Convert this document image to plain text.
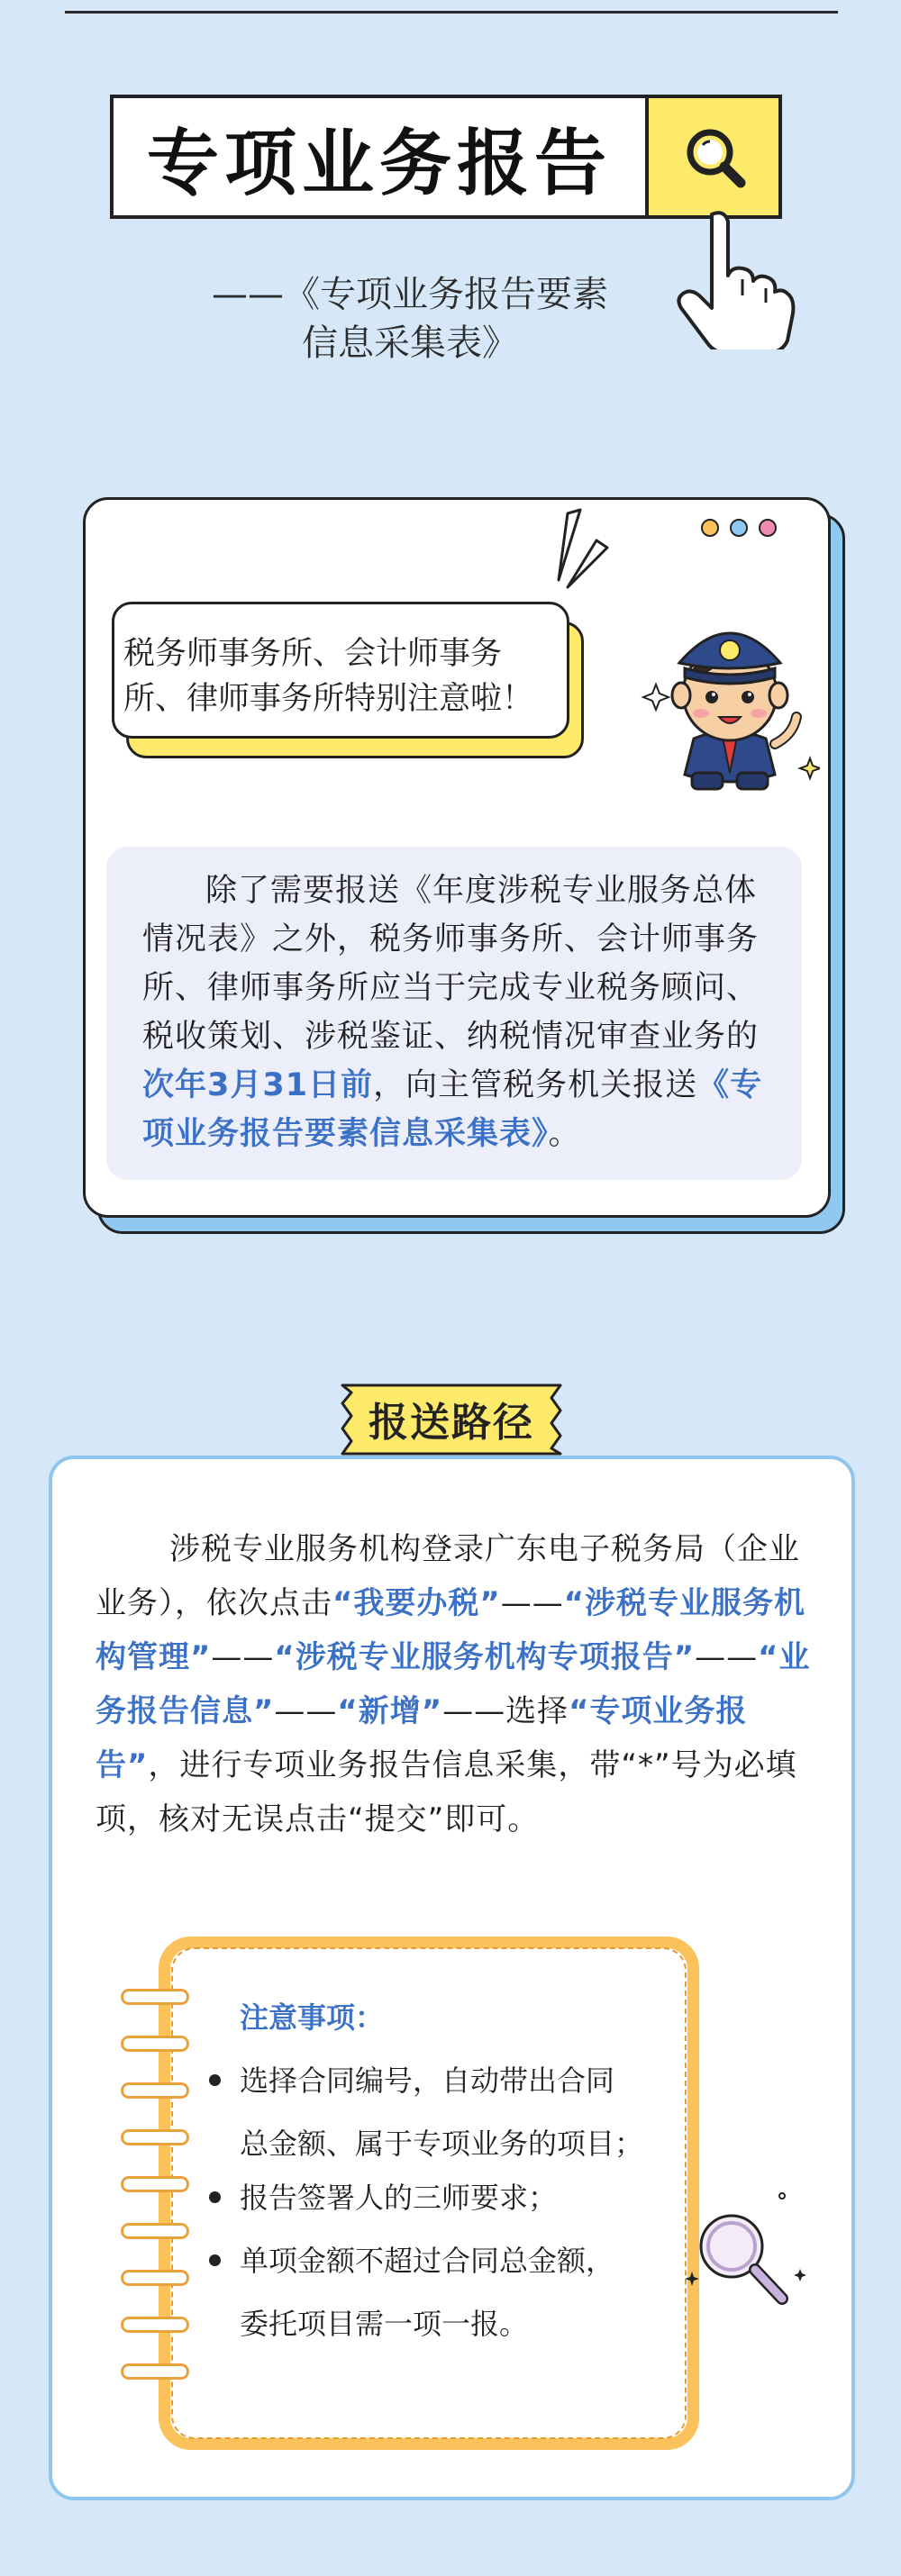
专项业务报告
——《专项业务报告要素
信息采集表》
税务师事务所、会计师事务
所、律师事务所特别注意啦！
除了需要报送《年度涉税专业服务总体情况表》之外，税务师事务所、会计师事务所、律师事务所应当于完成专业税务顾问、税收策划、涉税鉴证、纳税情况审查业务的次年3月31日前，向主管税务机关报送《专项业务报告要素信息采集表》。
报送路径
涉税专业服务机构登录广东电子税务局（企业业务），依次点击“我要办税”——“涉税专业服务机构管理”——“涉税专业服务机构专项报告”——“业务报告信息”——“新增”——选择“专项业务报告”，进行专项业务报告信息采集，带“*”号为必填项，核对无误点击“提交”即可。
注意事项：
选择合同编号，自动带出合同
总金额、属于专项业务的项目；
报告签署人的三师要求；
单项金额不超过合同总金额，
委托项目需一项一报。
